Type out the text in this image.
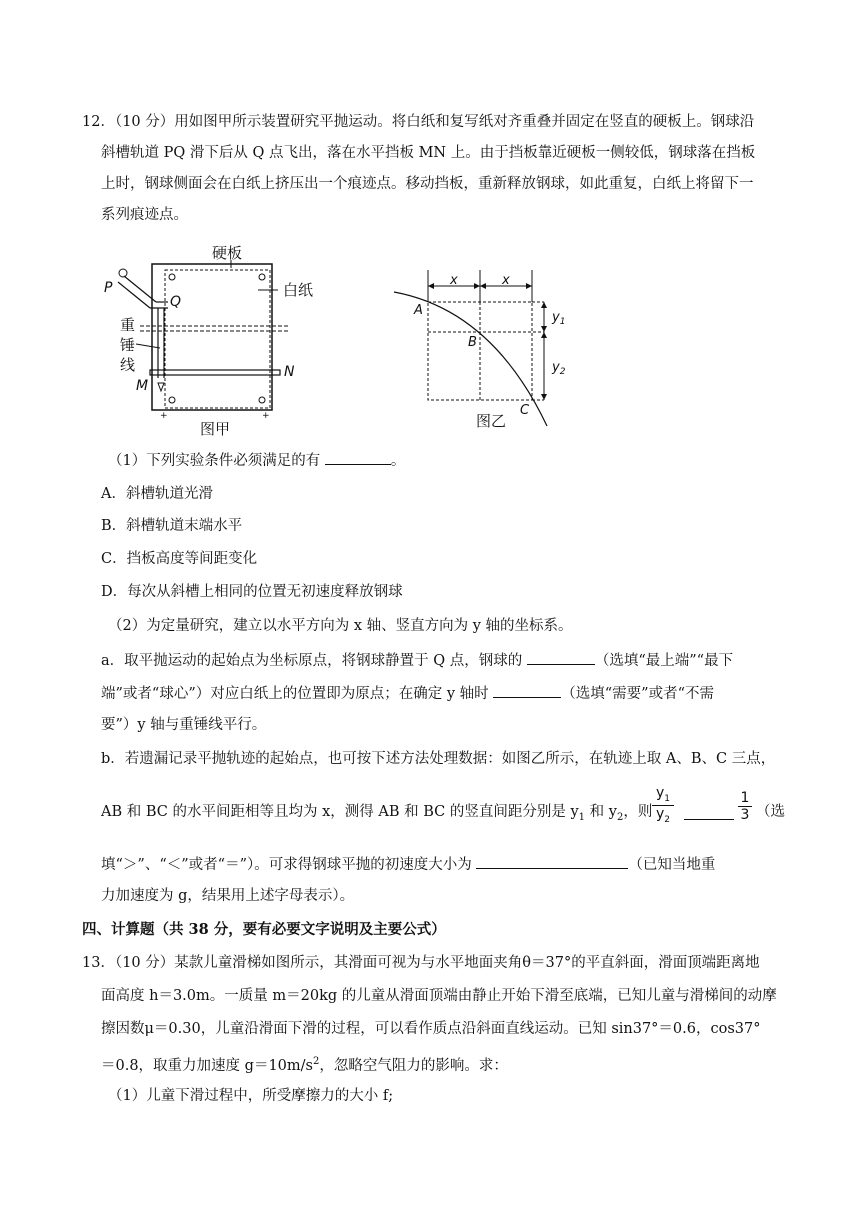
12．（10 分）用如图甲所示装置研究平抛运动。将白纸和复写纸对齐重叠并固定在竖直的硬板上。钢球沿
斜槽轨道 PQ 滑下后从 Q 点飞出，落在水平挡板 MN 上。由于挡板靠近硬板一侧较低，钢球落在挡板
上时，钢球侧面会在白纸上挤压出一个痕迹点。移动挡板，重新释放钢球，如此重复，白纸上将留下一
系列痕迹点。
硬板
+	+
白纸
P
Q
重
锤
线
M
N
图甲
x	x
$y_1$
$y_2$
A
B
C
图乙
（1）下列实验条件必须满足的有	。
A．斜槽轨道光滑
B．斜槽轨道末端水平
C．挡板高度等间距变化
D．每次从斜槽上相同的位置无初速度释放钢球
（2）为定量研究，建立以水平方向为 x 轴、竖直方向为 y 轴的坐标系。
a．取平抛运动的起始点为坐标原点，将钢球静置于 Q 点，钢球的	（选填“最上端”“最下
端”或者“球心”）对应白纸上的位置即为原点；在确定 y 轴时	（选填“需要”或者“不需
要”）y 轴与重锤线平行。
b．若遗漏记录平抛轨迹的起始点，也可按下述方法处理数据：如图乙所示，在轨迹上取 A、B、C 三点，
AB 和 BC 的水平间距相等且均为 x，测得 AB 和 BC 的竖直间距分别是 $y_1$ 和 $y_2$，则 $\frac{y_1}{y_2}$	$\frac{1}{3}$ （选
填“＞”、“＜”或者“＝”）。可求得钢球平抛的初速度大小为	（已知当地重
力加速度为 g，结果用上述字母表示）。
四、计算题（共 38 分，要有必要文字说明及主要公式）
13．（10 分）某款儿童滑梯如图所示，其滑面可视为与水平地面夹角θ＝37°的平直斜面，滑面顶端距离地
面高度 h＝3.0m。一质量 m＝20kg 的儿童从滑面顶端由静止开始下滑至底端，已知儿童与滑梯间的动摩
擦因数μ＝0.30，儿童沿滑面下滑的过程，可以看作质点沿斜面直线运动。已知 sin37°＝0.6，cos37°
＝0.8，取重力加速度 $g=10m/s^2$，忽略空气阻力的影响。求：
（1）儿童下滑过程中，所受摩擦力的大小 f;
